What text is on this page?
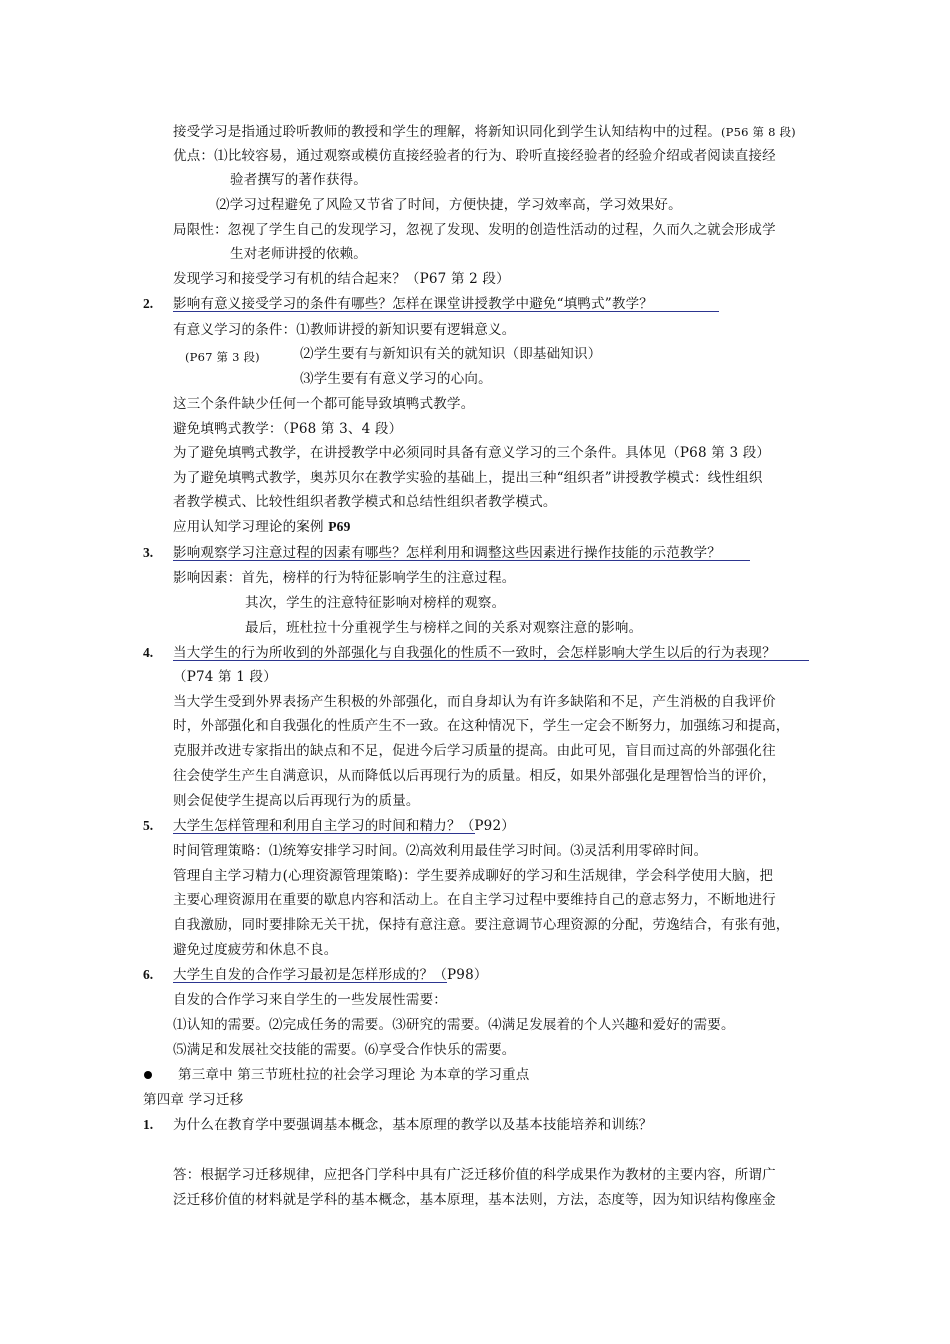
接受学习是指通过聆听教师的教授和学生的理解，将新知识同化到学生认知结构中的过程。(P56 第 8 段)
优点：⑴比较容易，通过观察或模仿直接经验者的行为、聆听直接经验者的经验介绍或者阅读直接经
验者撰写的著作获得。
⑵学习过程避免了风险又节省了时间，方便快捷，学习效率高，学习效果好。
局限性：忽视了学生自己的发现学习，忽视了发现、发明的创造性活动的过程，久而久之就会形成学
生对老师讲授的依赖。
发现学习和接受学习有机的结合起来？（P67 第 2 段）
2. 影响有意义接受学习的条件有哪些？怎样在课堂讲授教学中避免“填鸭式”教学？
有意义学习的条件：⑴教师讲授的新知识要有逻辑意义。
(P67 第 3 段)	⑵学生要有与新知识有关的就知识（即基础知识）
⑶学生要有有意义学习的心向。
这三个条件缺少任何一个都可能导致填鸭式教学。
避免填鸭式教学：（P68 第 3、4 段）
为了避免填鸭式教学，在讲授教学中必须同时具备有意义学习的三个条件。具体见（P68 第 3 段）
为了避免填鸭式教学，奥苏贝尔在教学实验的基础上，提出三种“组织者”讲授教学模式：线性组织
者教学模式、比较性组织者教学模式和总结性组织者教学模式。
应用认知学习理论的案例 P69
3. 影响观察学习注意过程的因素有哪些？怎样利用和调整这些因素进行操作技能的示范教学？
影响因素：首先，榜样的行为特征影响学生的注意过程。
其次，学生的注意特征影响对榜样的观察。
最后，班杜拉十分重视学生与榜样之间的关系对观察注意的影响。
4. 当大学生的行为所收到的外部强化与自我强化的性质不一致时，会怎样影响大学生以后的行为表现？
（P74 第 1 段）
当大学生受到外界表扬产生积极的外部强化，而自身却认为有许多缺陷和不足，产生消极的自我评价
时，外部强化和自我强化的性质产生不一致。在这种情况下，学生一定会不断努力，加强练习和提高，
克服并改进专家指出的缺点和不足，促进今后学习质量的提高。由此可见，盲目而过高的外部强化往
往会使学生产生自满意识，从而降低以后再现行为的质量。相反，如果外部强化是理智恰当的评价，
则会促使学生提高以后再现行为的质量。
5. 大学生怎样管理和利用自主学习的时间和精力？（P92）
时间管理策略：⑴统筹安排学习时间。⑵高效利用最佳学习时间。⑶灵活利用零碎时间。
管理自主学习精力(心理资源管理策略)：学生要养成聊好的学习和生活规律，学会科学使用大脑，把
主要心理资源用在重要的歇息内容和活动上。在自主学习过程中要维持自己的意志努力，不断地进行
自我激励，同时要排除无关干扰，保持有意注意。要注意调节心理资源的分配，劳逸结合，有张有弛，
避免过度疲劳和休息不良。
6. 大学生自发的合作学习最初是怎样形成的？（P98）
自发的合作学习来自学生的一些发展性需要：
⑴认知的需要。⑵完成任务的需要。⑶研究的需要。⑷满足发展着的个人兴趣和爱好的需要。
⑸满足和发展社交技能的需要。⑹享受合作快乐的需要。
第三章中 第三节班杜拉的社会学习理论 为本章的学习重点
第四章 学习迁移
1. 为什么在教育学中要强调基本概念，基本原理的教学以及基本技能培养和训练？
答：根据学习迁移规律，应把各门学科中具有广泛迁移价值的科学成果作为教材的主要内容，所谓广
泛迁移价值的材料就是学科的基本概念，基本原理，基本法则，方法，态度等，因为知识结构像座金
